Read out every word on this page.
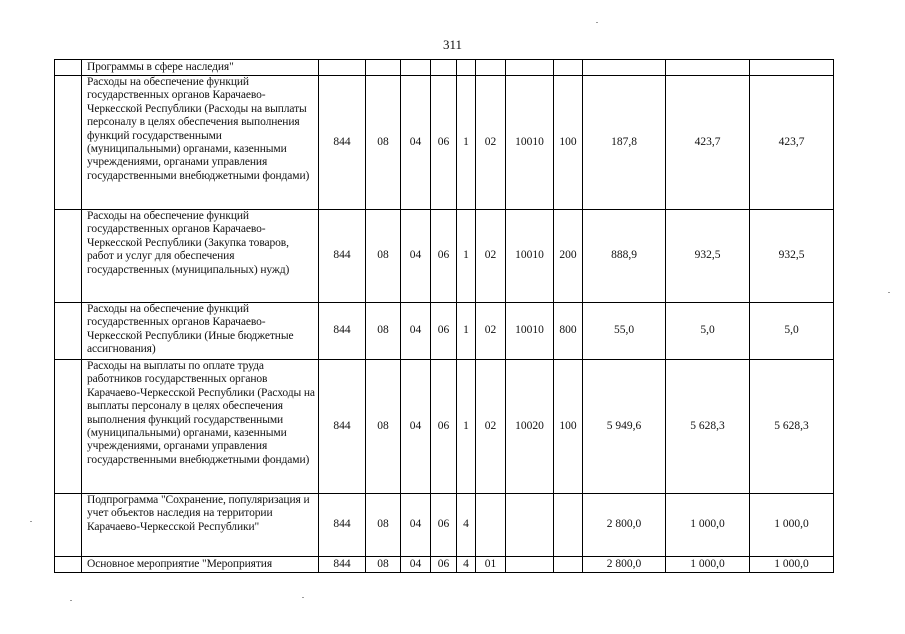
311
	Программы в сфере наследия"											
	Расходы на обеспечение функций государственных органов Карачаево-Черкесской Республики (Расходы на выплаты персоналу в целях обеспечения выполнения функций государственными (муниципальными) органами, казенными учреждениями, органами управления государственными внебюджетными фондами)	844	08	04	06	1	02	10010	100	187,8	423,7	423,7
	Расходы на обеспечение функций государственных органов Карачаево-Черкесской Республики (Закупка товаров, работ и услуг для обеспечения государственных (муниципальных) нужд)	844	08	04	06	1	02	10010	200	888,9	932,5	932,5
	Расходы на обеспечение функций государственных органов Карачаево-Черкесской Республики (Иные бюджетные ассигнования)	844	08	04	06	1	02	10010	800	55,0	5,0	5,0
	Расходы на выплаты по оплате труда работников государственных органов Карачаево-Черкесской Республики (Расходы на выплаты персоналу в целях обеспечения выполнения функций государственными (муниципальными) органами, казенными учреждениями, органами управления государственными внебюджетными фондами)	844	08	04	06	1	02	10020	100	5 949,6	5 628,3	5 628,3
	Подпрограмма "Сохранение, популяризация и учет объектов наследия на территории Карачаево-Черкесской Республики"	844	08	04	06	4				2 800,0	1 000,0	1 000,0
	Основное мероприятие "Мероприятия	844	08	04	06	4	01			2 800,0	1 000,0	1 000,0
